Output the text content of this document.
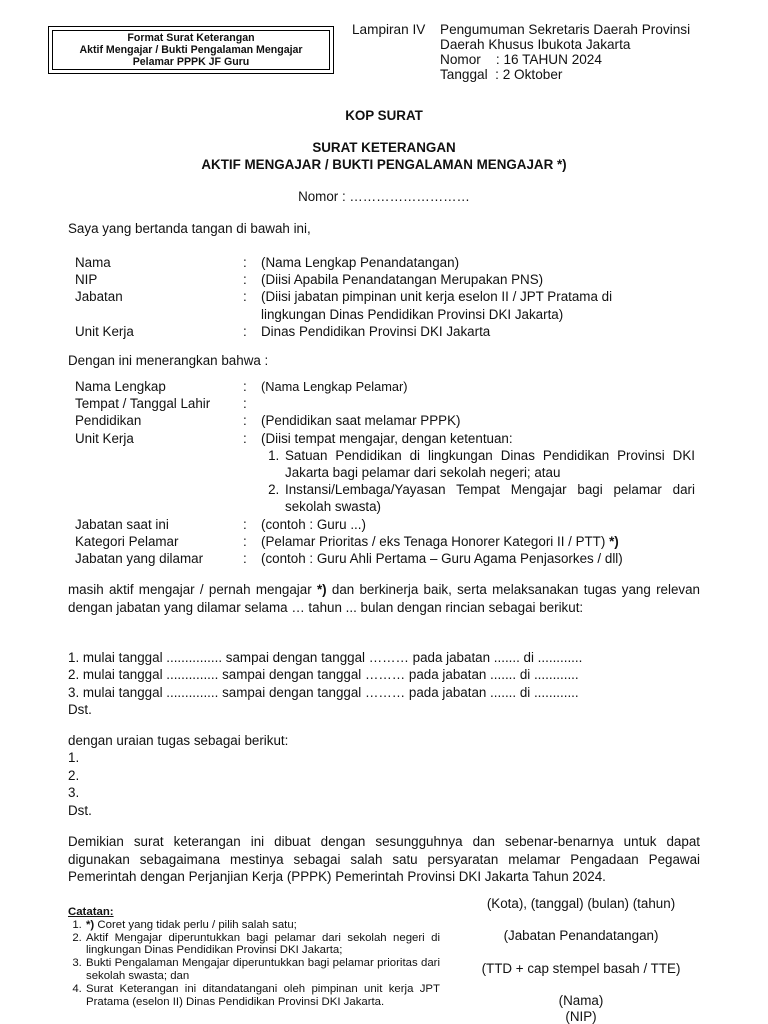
Format Surat Keterangan
Aktif Mengajar / Bukti Pengalaman Mengajar
Pelamar PPPK JF Guru
Lampiran IV	Pengumuman Sekretaris Daerah Provinsi
Daerah Khusus Ibukota Jakarta
Nomor    : 16 TAHUN 2024
Tanggal  : 2 Oktober
KOP SURAT
SURAT KETERANGAN
AKTIF MENGAJAR / BUKTI PENGALAMAN MENGAJAR *)
Nomor : ………………………
Saya yang bertanda tangan di bawah ini,
Nama	:	(Nama Lengkap Penandatangan)
NIP	:	(Diisi Apabila Penandatangan Merupakan PNS)
Jabatan	:	(Diisi jabatan pimpinan unit kerja eselon II / JPT Pratama di
lingkungan Dinas Pendidikan Provinsi DKI Jakarta)
Unit Kerja	:	Dinas Pendidikan Provinsi DKI Jakarta
Dengan ini menerangkan bahwa :
Nama Lengkap	:	(Nama Lengkap Pelamar)
Tempat / Tanggal Lahir	:
Pendidikan	:	(Pendidikan saat melamar PPPK)
Unit Kerja	:	(Diisi tempat mengajar, dengan ketentuan:
1. Satuan Pendidikan di lingkungan Dinas Pendidikan Provinsi DKI Jakarta bagi pelamar dari sekolah negeri; atau
2. Instansi/Lembaga/Yayasan Tempat Mengajar bagi pelamar dari sekolah swasta)
Jabatan saat ini	:	(contoh : Guru ...)
Kategori Pelamar	:	(Pelamar Prioritas / eks Tenaga Honorer Kategori II / PTT) *)
Jabatan yang dilamar	:	(contoh : Guru Ahli Pertama – Guru Agama Penjasorkes / dll)
masih aktif mengajar / pernah mengajar *) dan berkinerja baik, serta melaksanakan tugas yang relevan dengan jabatan yang dilamar selama … tahun ... bulan dengan rincian sebagai berikut:
1. mulai tanggal ............... sampai dengan tanggal ……… pada jabatan ....... di ............
2. mulai tanggal .............. sampai dengan tanggal ……… pada jabatan ....... di ............
3. mulai tanggal .............. sampai dengan tanggal ……… pada jabatan ....... di ............
Dst.
dengan uraian tugas sebagai berikut:
1.
2.
3.
Dst.
Demikian surat keterangan ini dibuat dengan sesungguhnya dan sebenar-benarnya untuk dapat digunakan sebagaimana mestinya sebagai salah satu persyaratan melamar Pengadaan Pegawai Pemerintah dengan Perjanjian Kerja (PPPK) Pemerintah Provinsi DKI Jakarta Tahun 2024.
Catatan:
1. *) Coret yang tidak perlu / pilih salah satu;
2. Aktif Mengajar diperuntukkan bagi pelamar dari sekolah negeri di lingkungan Dinas Pendidikan Provinsi DKI Jakarta;
3. Bukti Pengalaman Mengajar diperuntukkan bagi pelamar prioritas dari sekolah swasta; dan
4. Surat Keterangan ini ditandatangani oleh pimpinan unit kerja JPT Pratama (eselon II) Dinas Pendidikan Provinsi DKI Jakarta.
(Kota), (tanggal) (bulan) (tahun)
(Jabatan Penandatangan)
(TTD + cap stempel basah / TTE)
(Nama)
(NIP)
